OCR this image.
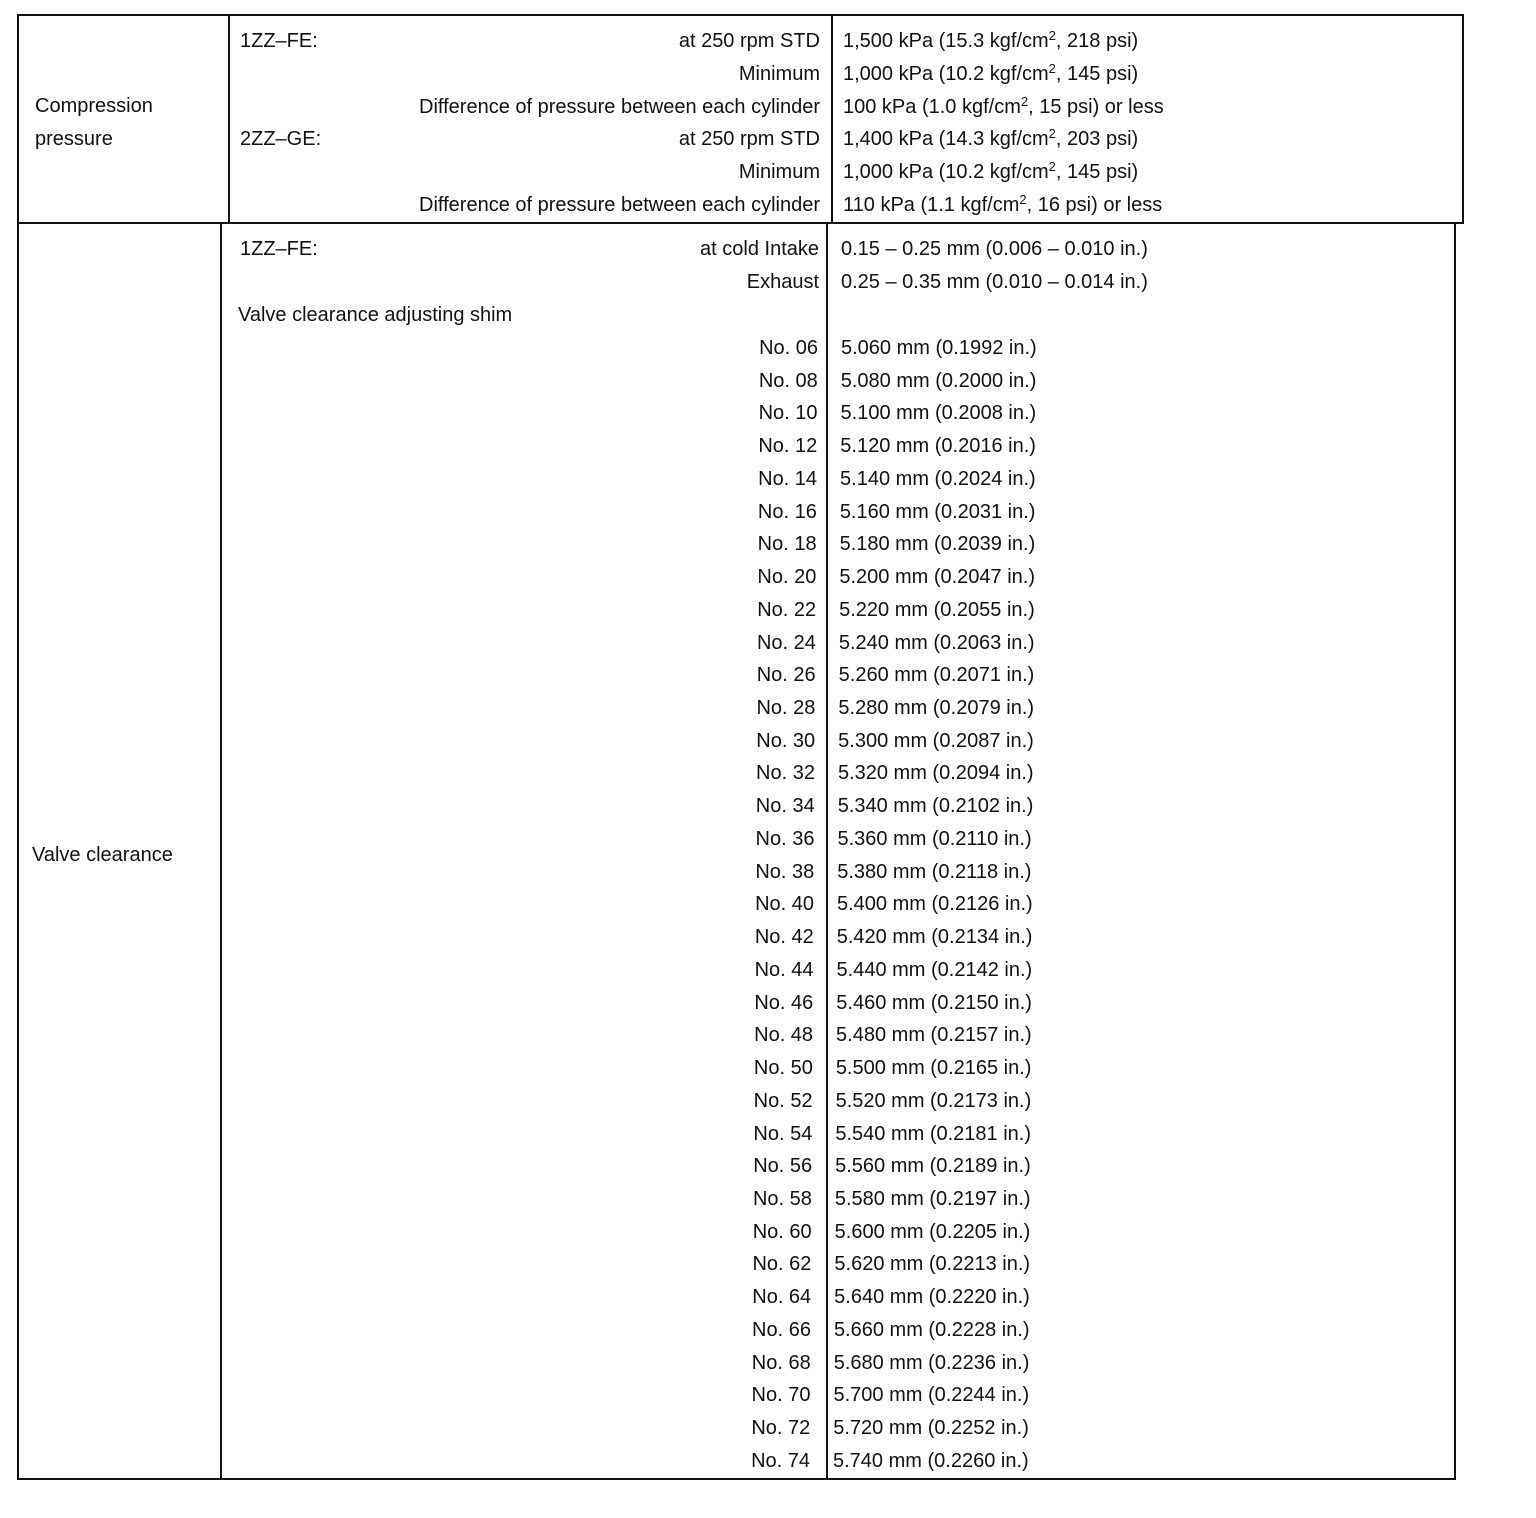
Compression
pressure
1ZZ–FE:
2ZZ–GE:
at 250 rpm STD 1,500 kPa (15.3 kgf/$cm^2$, 218 psi)
Minimum 1,000 kPa (10.2 kgf/$cm^2$, 145 psi)
Difference of pressure between each cylinder 100 kPa (1.0 kgf/$cm^2$, 15 psi) or less
at 250 rpm STD 1,400 kPa (14.3 kgf/$cm^2$, 203 psi)
Minimum 1,000 kPa (10.2 kgf/$cm^2$, 145 psi)
Difference of pressure between each cylinder 110 kPa (1.1 kgf/$cm^2$, 16 psi) or less
Valve clearance
1ZZ–FE:	at cold Intake 0.15 – 0.25 mm (0.006 – 0.010 in.)
Exhaust 0.25 – 0.35 mm (0.010 – 0.014 in.)
Valve clearance adjusting shim
No. 06 5.060 mm (0.1992 in.)
No. 08 5.080 mm (0.2000 in.)
No. 10 5.100 mm (0.2008 in.)
No. 12 5.120 mm (0.2016 in.)
No. 14 5.140 mm (0.2024 in.)
No. 16 5.160 mm (0.2031 in.)
No. 18 5.180 mm (0.2039 in.)
No. 20 5.200 mm (0.2047 in.)
No. 22 5.220 mm (0.2055 in.)
No. 24 5.240 mm (0.2063 in.)
No. 26 5.260 mm (0.2071 in.)
No. 28 5.280 mm (0.2079 in.)
No. 30 5.300 mm (0.2087 in.)
No. 32 5.320 mm (0.2094 in.)
No. 34 5.340 mm (0.2102 in.)
No. 36 5.360 mm (0.2110 in.)
No. 38 5.380 mm (0.2118 in.)
No. 40 5.400 mm (0.2126 in.)
No. 42 5.420 mm (0.2134 in.)
No. 44 5.440 mm (0.2142 in.)
No. 46 5.460 mm (0.2150 in.)
No. 48 5.480 mm (0.2157 in.)
No. 50 5.500 mm (0.2165 in.)
No. 52 5.520 mm (0.2173 in.)
No. 54 5.540 mm (0.2181 in.)
No. 56 5.560 mm (0.2189 in.)
No. 58 5.580 mm (0.2197 in.)
No. 60 5.600 mm (0.2205 in.)
No. 62 5.620 mm (0.2213 in.)
No. 64 5.640 mm (0.2220 in.)
No. 66 5.660 mm (0.2228 in.)
No. 68 5.680 mm (0.2236 in.)
No. 70 5.700 mm (0.2244 in.)
No. 72 5.720 mm (0.2252 in.)
No. 74 5.740 mm (0.2260 in.)
